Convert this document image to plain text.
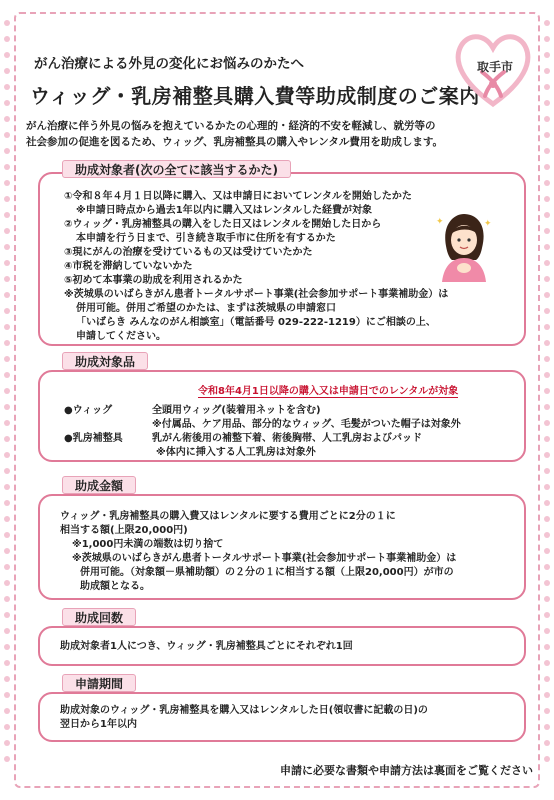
がん治療による外見の変化にお悩みのかたへ
ウィッグ・乳房補整具購入費等助成制度のご案内
取手市
がん治療に伴う外見の悩みを抱えているかたの心理的・経済的不安を軽減し、就労等の
社会参加の促進を図るため、ウィッグ、乳房補整具の購入やレンタル費用を助成します。
①令和８年４月１日以降に購入、又は申請日においてレンタルを開始したかた
※申請日時点から過去1年以内に購入又はレンタルした経費が対象
②ウィッグ・乳房補整具の購入をした日又はレンタルを開始した日から
本申請を行う日まで、引き続き取手市に住所を有するかた
③現にがんの治療を受けているもの又は受けていたかた
④市税を滞納していないかた
⑤初めて本事業の助成を利用されるかた
※茨城県のいばらきがん患者トータルサポート事業(社会参加サポート事業補助金）は
併用可能。併用ご希望のかたは、まずは茨城県の申請窓口
「いばらき みんなのがん相談室」（電話番号 029-222-1219）にご相談の上、
申請してください。
助成対象者(次の全てに該当するかた)
✦	✦
助成対象品
令和8年4月1日以降の購入又は申請日でのレンタルが対象
●ウィッグ	全頭用ウィッグ(装着用ネットを含む)
※付属品、ケア用品、部分的なウィッグ、毛髪がついた帽子は対象外
●乳房補整具	乳がん術後用の補整下着、術後胸帯、人工乳房およびパッド
※体内に挿入する人工乳房は対象外
ウィッグ・乳房補整具の購入費又はレンタルに要する費用ごとに2分の１に
相当する額(上限20,000円)
※1,000円未満の端数は切り捨て
※茨城県のいばらきがん患者トータルサポート事業(社会参加サポート事業補助金）は
併用可能。（対象額－県補助額）の２分の１に相当する額（上限20,000円）が市の
助成額となる。
助成金額
助成対象者1人につき、ウィッグ・乳房補整具ごとにそれぞれ1回
助成回数
助成対象のウィッグ・乳房補整具を購入又はレンタルした日(領収書に記載の日)の
翌日から1年以内
申請期間
申請に必要な書類や申請方法は裏面をご覧ください
